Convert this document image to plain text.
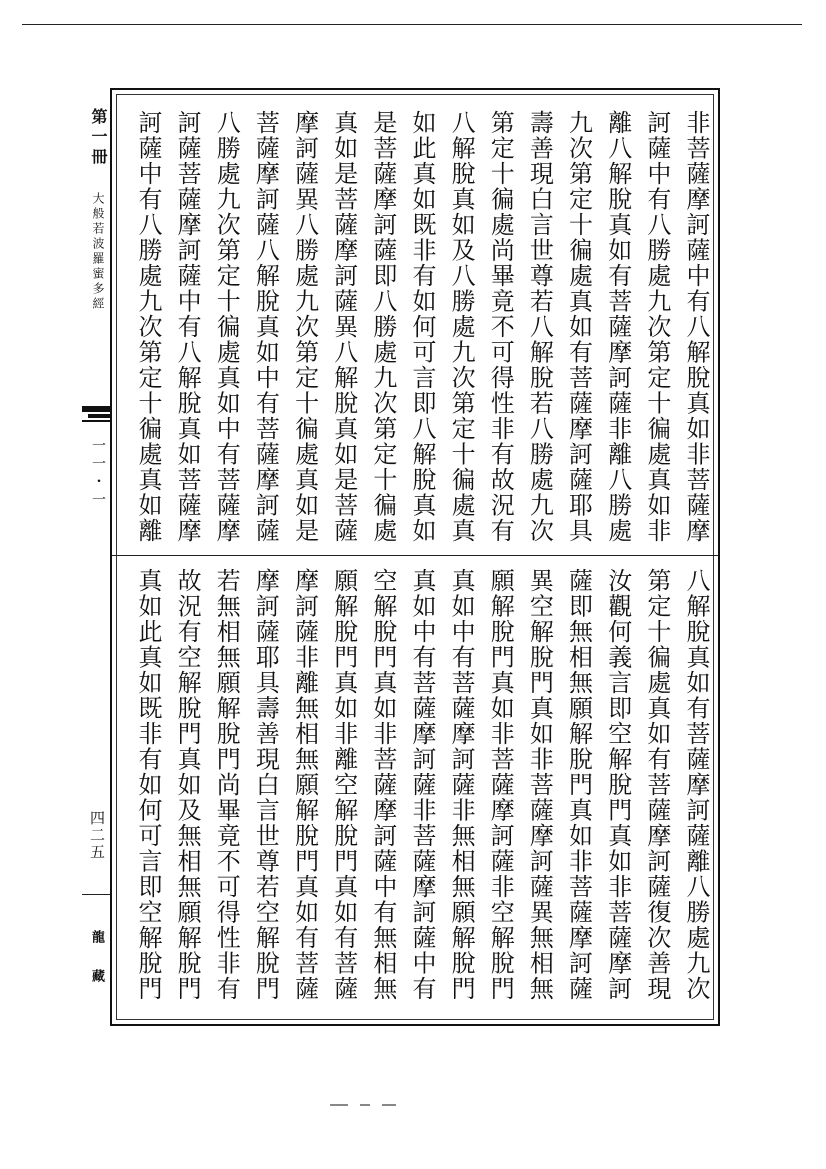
第一冊
大般若波羅蜜多經
一一・一
四二五
龍藏
非菩薩摩訶薩中有八解脫真如非菩薩摩
訶薩中有八勝處九次第定十徧處真如非
離八解脫真如有菩薩摩訶薩非離八勝處
九次第定十徧處真如有菩薩摩訶薩耶具
壽善現白言世尊若八解脫若八勝處九次
第定十徧處尚畢竟不可得性非有故況有
八解脫真如及八勝處九次第定十徧處真
如此真如既非有如何可言即八解脫真如
是菩薩摩訶薩即八勝處九次第定十徧處
真如是菩薩摩訶薩異八解脫真如是菩薩
摩訶薩異八勝處九次第定十徧處真如是
菩薩摩訶薩八解脫真如中有菩薩摩訶薩
八勝處九次第定十徧處真如中有菩薩摩
訶薩菩薩摩訶薩中有八解脫真如菩薩摩
訶薩中有八勝處九次第定十徧處真如離
八解脫真如有菩薩摩訶薩離八勝處九次
第定十徧處真如有菩薩摩訶薩復次善現
汝觀何義言即空解脫門真如非菩薩摩訶
薩即無相無願解脫門真如非菩薩摩訶薩
異空解脫門真如非菩薩摩訶薩異無相無
願解脫門真如非菩薩摩訶薩非空解脫門
真如中有菩薩摩訶薩非無相無願解脫門
真如中有菩薩摩訶薩非菩薩摩訶薩中有
空解脫門真如非菩薩摩訶薩中有無相無
願解脫門真如非離空解脫門真如有菩薩
摩訶薩非離無相無願解脫門真如有菩薩
摩訶薩耶具壽善現白言世尊若空解脫門
若無相無願解脫門尚畢竟不可得性非有
故況有空解脫門真如及無相無願解脫門
真如此真如既非有如何可言即空解脫門
